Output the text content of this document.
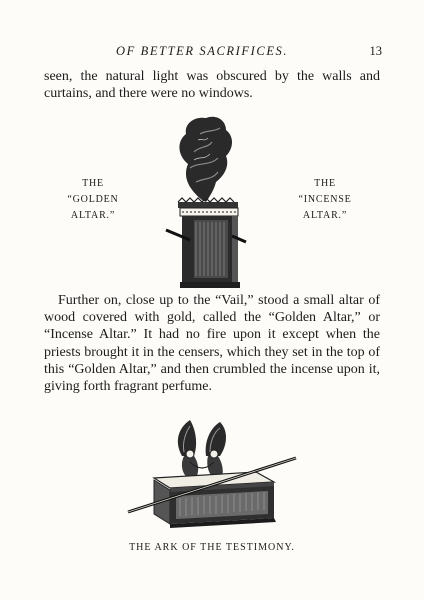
OF BETTER SACRIFICES.	13

seen, the natural light was obscured by the walls and curtains, and there were no windows.

THE
“GOLDEN
ALTAR.”
THE
“INCENSE
ALTAR.”

Further on, close up to the “Vail,” stood a small altar of wood covered with gold, called the “Golden Altar,” or “Incense Altar.” It had no fire upon it except when the priests brought it in the censers, which they set in the top of this “Golden Altar,” and then crumbled the incense upon it, giving forth fragrant perfume.

THE ARK OF THE TESTIMONY.
